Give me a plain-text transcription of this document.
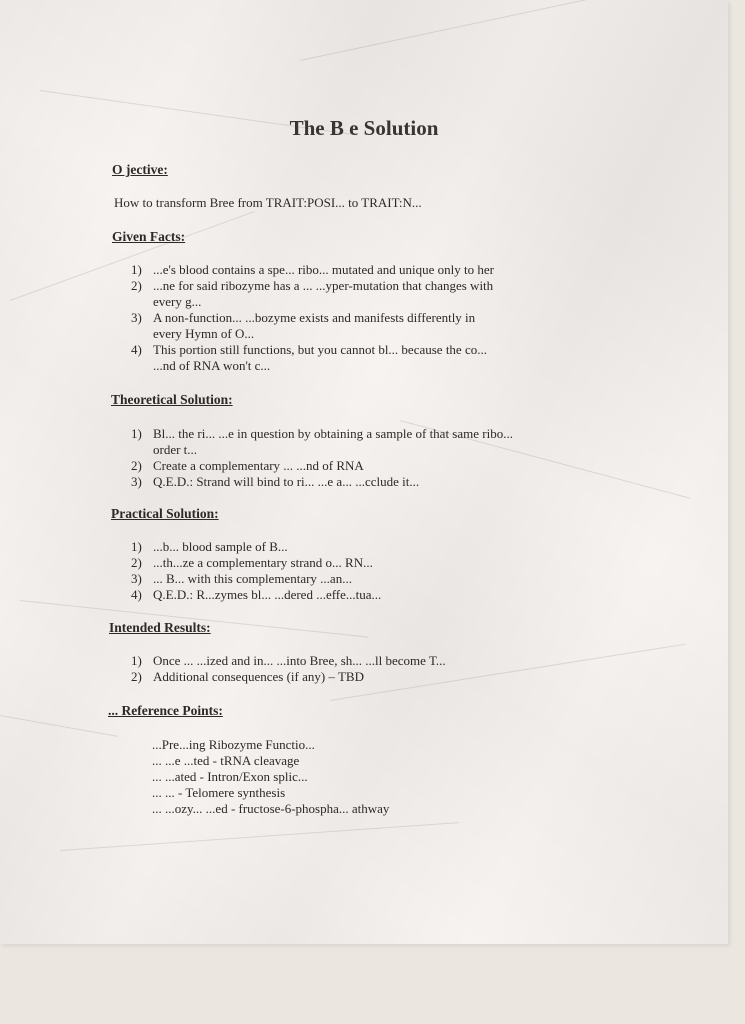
The B e Solution
O jective:
How to transform Bree from TRAIT:POSI... to TRAIT:N...
Given Facts:
1) ...e's blood contains a spe... ribo... mutated and unique only to her
2) ...ne for said ribozyme has a ... ...yper-mutation that changes with
every g...
3) A non-function... ...bozyme exists and manifests differently in
every Hymn of O...
4) This portion still functions, but you cannot bl... because the co...
...nd of RNA won't c...
Theoretical Solution:
1) Bl... the ri... ...e in question by obtaining a sample of that same ribo...
order t...
2) Create a complementary ... ...nd of RNA
3) Q.E.D.: Strand will bind to ri... ...e a... ...cclude it...
Practical Solution:
1) ...b... blood sample of B...
2) ...th...ze a complementary strand o... RN...
3) ... B... with this complementary ...an...
4) Q.E.D.: R...zymes bl... ...dered ...effe...tua...
Intended Results:
1) Once ... ...ized and in... ...into Bree, sh... ...ll become T...
2) Additional consequences (if any) – TBD
... Reference Points:
...Pre...ing Ribozyme Functio...
... ...e ...ted - tRNA cleavage
... ...ated - Intron/Exon splic...
... ... - Telomere synthesis
... ...ozy... ...ed - fructose-6-phospha... athway
